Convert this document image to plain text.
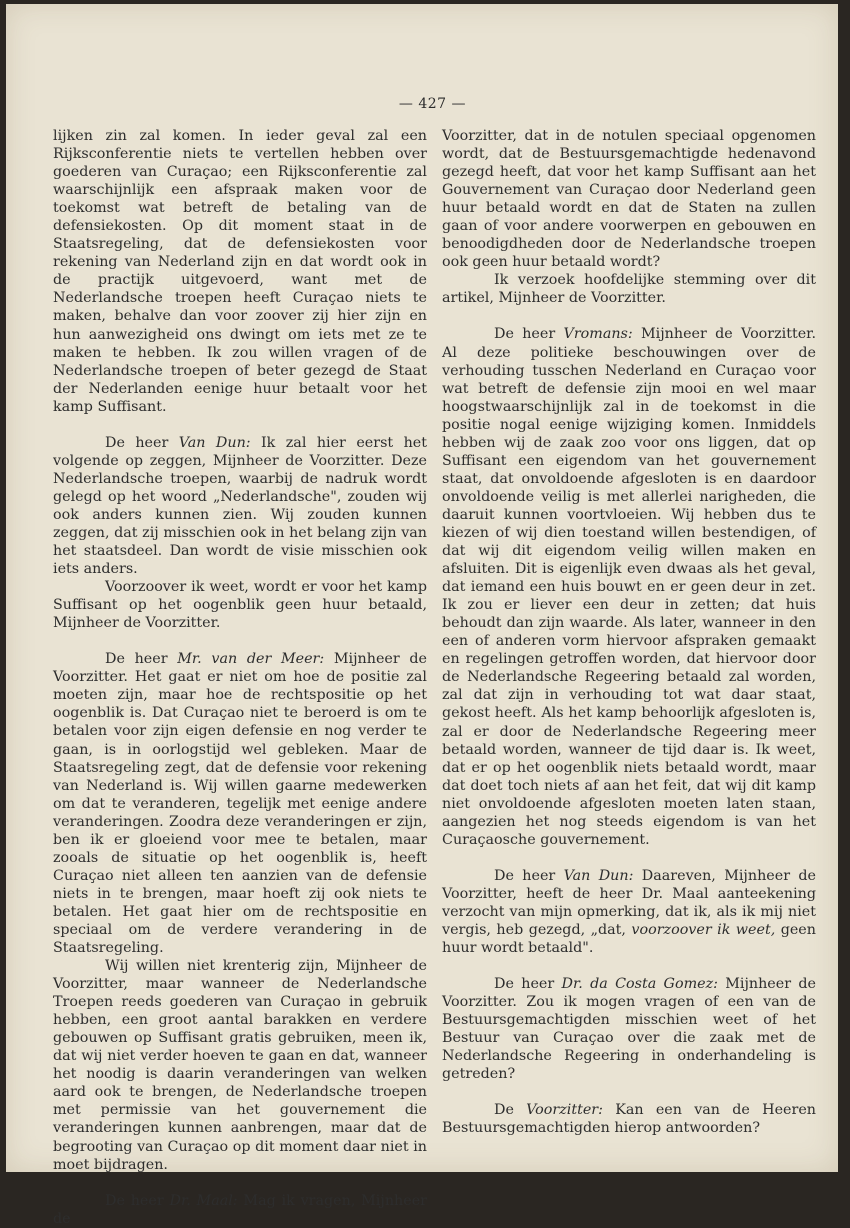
— 427 —

lijken zin zal komen. In ieder geval zal een Rijksconferentie niets te vertellen hebben over goederen van Curaçao; een Rijksconferentie zal waarschijnlijk een afspraak maken voor de toekomst wat betreft de betaling van de defensiekosten. Op dit moment staat in de Staatsregeling, dat de defensiekosten voor rekening van Nederland zijn en dat wordt ook in de practijk uitgevoerd, want met de Nederlandsche troepen heeft Curaçao niets te maken, behalve dan voor zoover zij hier zijn en hun aanwezigheid ons dwingt om iets met ze te maken te hebben. Ik zou willen vragen of de Nederlandsche troepen of beter gezegd de Staat der Nederlanden eenige huur betaalt voor het kamp Suffisant.

De heer Van Dun: Ik zal hier eerst het volgende op zeggen, Mijnheer de Voorzitter. Deze Nederlandsche troepen, waarbij de nadruk wordt gelegd op het woord „Nederlandsche", zouden wij ook anders kunnen zien. Wij zouden kunnen zeggen, dat zij misschien ook in het belang zijn van het staatsdeel. Dan wordt de visie misschien ook iets anders.

Voorzoover ik weet, wordt er voor het kamp Suffisant op het oogenblik geen huur betaald, Mijnheer de Voorzitter.

De heer Mr. van der Meer: Mijnheer de Voorzitter. Het gaat er niet om hoe de positie zal moeten zijn, maar hoe de rechtspositie op het oogenblik is. Dat Curaçao niet te beroerd is om te betalen voor zijn eigen defensie en nog verder te gaan, is in oorlogstijd wel gebleken. Maar de Staatsregeling zegt, dat de defensie voor rekening van Nederland is. Wij willen gaarne medewerken om dat te veranderen, tegelijk met eenige andere veranderingen. Zoodra deze veranderingen er zijn, ben ik er gloeiend voor mee te betalen, maar zooals de situatie op het oogenblik is, heeft Curaçao niet alleen ten aanzien van de defensie niets in te brengen, maar hoeft zij ook niets te betalen. Het gaat hier om de rechtspositie en speciaal om de verdere verandering in de Staatsregeling.

Wij willen niet krenterig zijn, Mijnheer de Voorzitter, maar wanneer de Nederlandsche Troepen reeds goederen van Curaçao in gebruik hebben, een groot aantal barakken en verdere gebouwen op Suffisant gratis gebruiken, meen ik, dat wij niet verder hoeven te gaan en dat, wanneer het noodig is daarin veranderingen van welken aard ook te brengen, de Nederlandsche troepen met permissie van het gouvernement die veranderingen kunnen aanbrengen, maar dat de begrooting van Curaçao op dit moment daar niet in moet bijdragen.

De heer Dr. Maal: Mag ik vragen, Mijnheer de

Voorzitter, dat in de notulen speciaal opgenomen wordt, dat de Bestuursgemachtigde hedenavond gezegd heeft, dat voor het kamp Suffisant aan het Gouvernement van Curaçao door Nederland geen huur betaald wordt en dat de Staten na zullen gaan of voor andere voorwerpen en gebouwen en benoodigdheden door de Nederlandsche troepen ook geen huur betaald wordt?

Ik verzoek hoofdelijke stemming over dit artikel, Mijnheer de Voorzitter.

De heer Vromans: Mijnheer de Voorzitter. Al deze politieke beschouwingen over de verhouding tusschen Nederland en Curaçao voor wat betreft de defensie zijn mooi en wel maar hoogstwaarschijnlijk zal in de toekomst in die positie nogal eenige wijziging komen. Inmiddels hebben wij de zaak zoo voor ons liggen, dat op Suffisant een eigendom van het gouvernement staat, dat onvoldoende afgesloten is en daardoor onvoldoende veilig is met allerlei narigheden, die daaruit kunnen voortvloeien. Wij hebben dus te kiezen of wij dien toestand willen bestendigen, of dat wij dit eigendom veilig willen maken en afsluiten. Dit is eigenlijk even dwaas als het geval, dat iemand een huis bouwt en er geen deur in zet. Ik zou er liever een deur in zetten; dat huis behoudt dan zijn waarde. Als later, wanneer in den een of anderen vorm hiervoor afspraken gemaakt en regelingen getroffen worden, dat hiervoor door de Nederlandsche Regeering betaald zal worden, zal dat zijn in verhouding tot wat daar staat, gekost heeft. Als het kamp behoorlijk afgesloten is, zal er door de Nederlandsche Regeering meer betaald worden, wanneer de tijd daar is. Ik weet, dat er op het oogenblik niets betaald wordt, maar dat doet toch niets af aan het feit, dat wij dit kamp niet onvoldoende afgesloten moeten laten staan, aangezien het nog steeds eigendom is van het Curaçaosche gouvernement.

De heer Van Dun: Daareven, Mijnheer de Voorzitter, heeft de heer Dr. Maal aanteekening verzocht van mijn opmerking, dat ik, als ik mij niet vergis, heb gezegd, „dat, voorzoover ik weet, geen huur wordt betaald".

De heer Dr. da Costa Gomez: Mijnheer de Voorzitter. Zou ik mogen vragen of een van de Bestuursgemachtigden misschien weet of het Bestuur van Curaçao over die zaak met de Nederlandsche Regeering in onderhandeling is getreden?

De Voorzitter: Kan een van de Heeren Bestuursgemachtigden hierop antwoorden?
